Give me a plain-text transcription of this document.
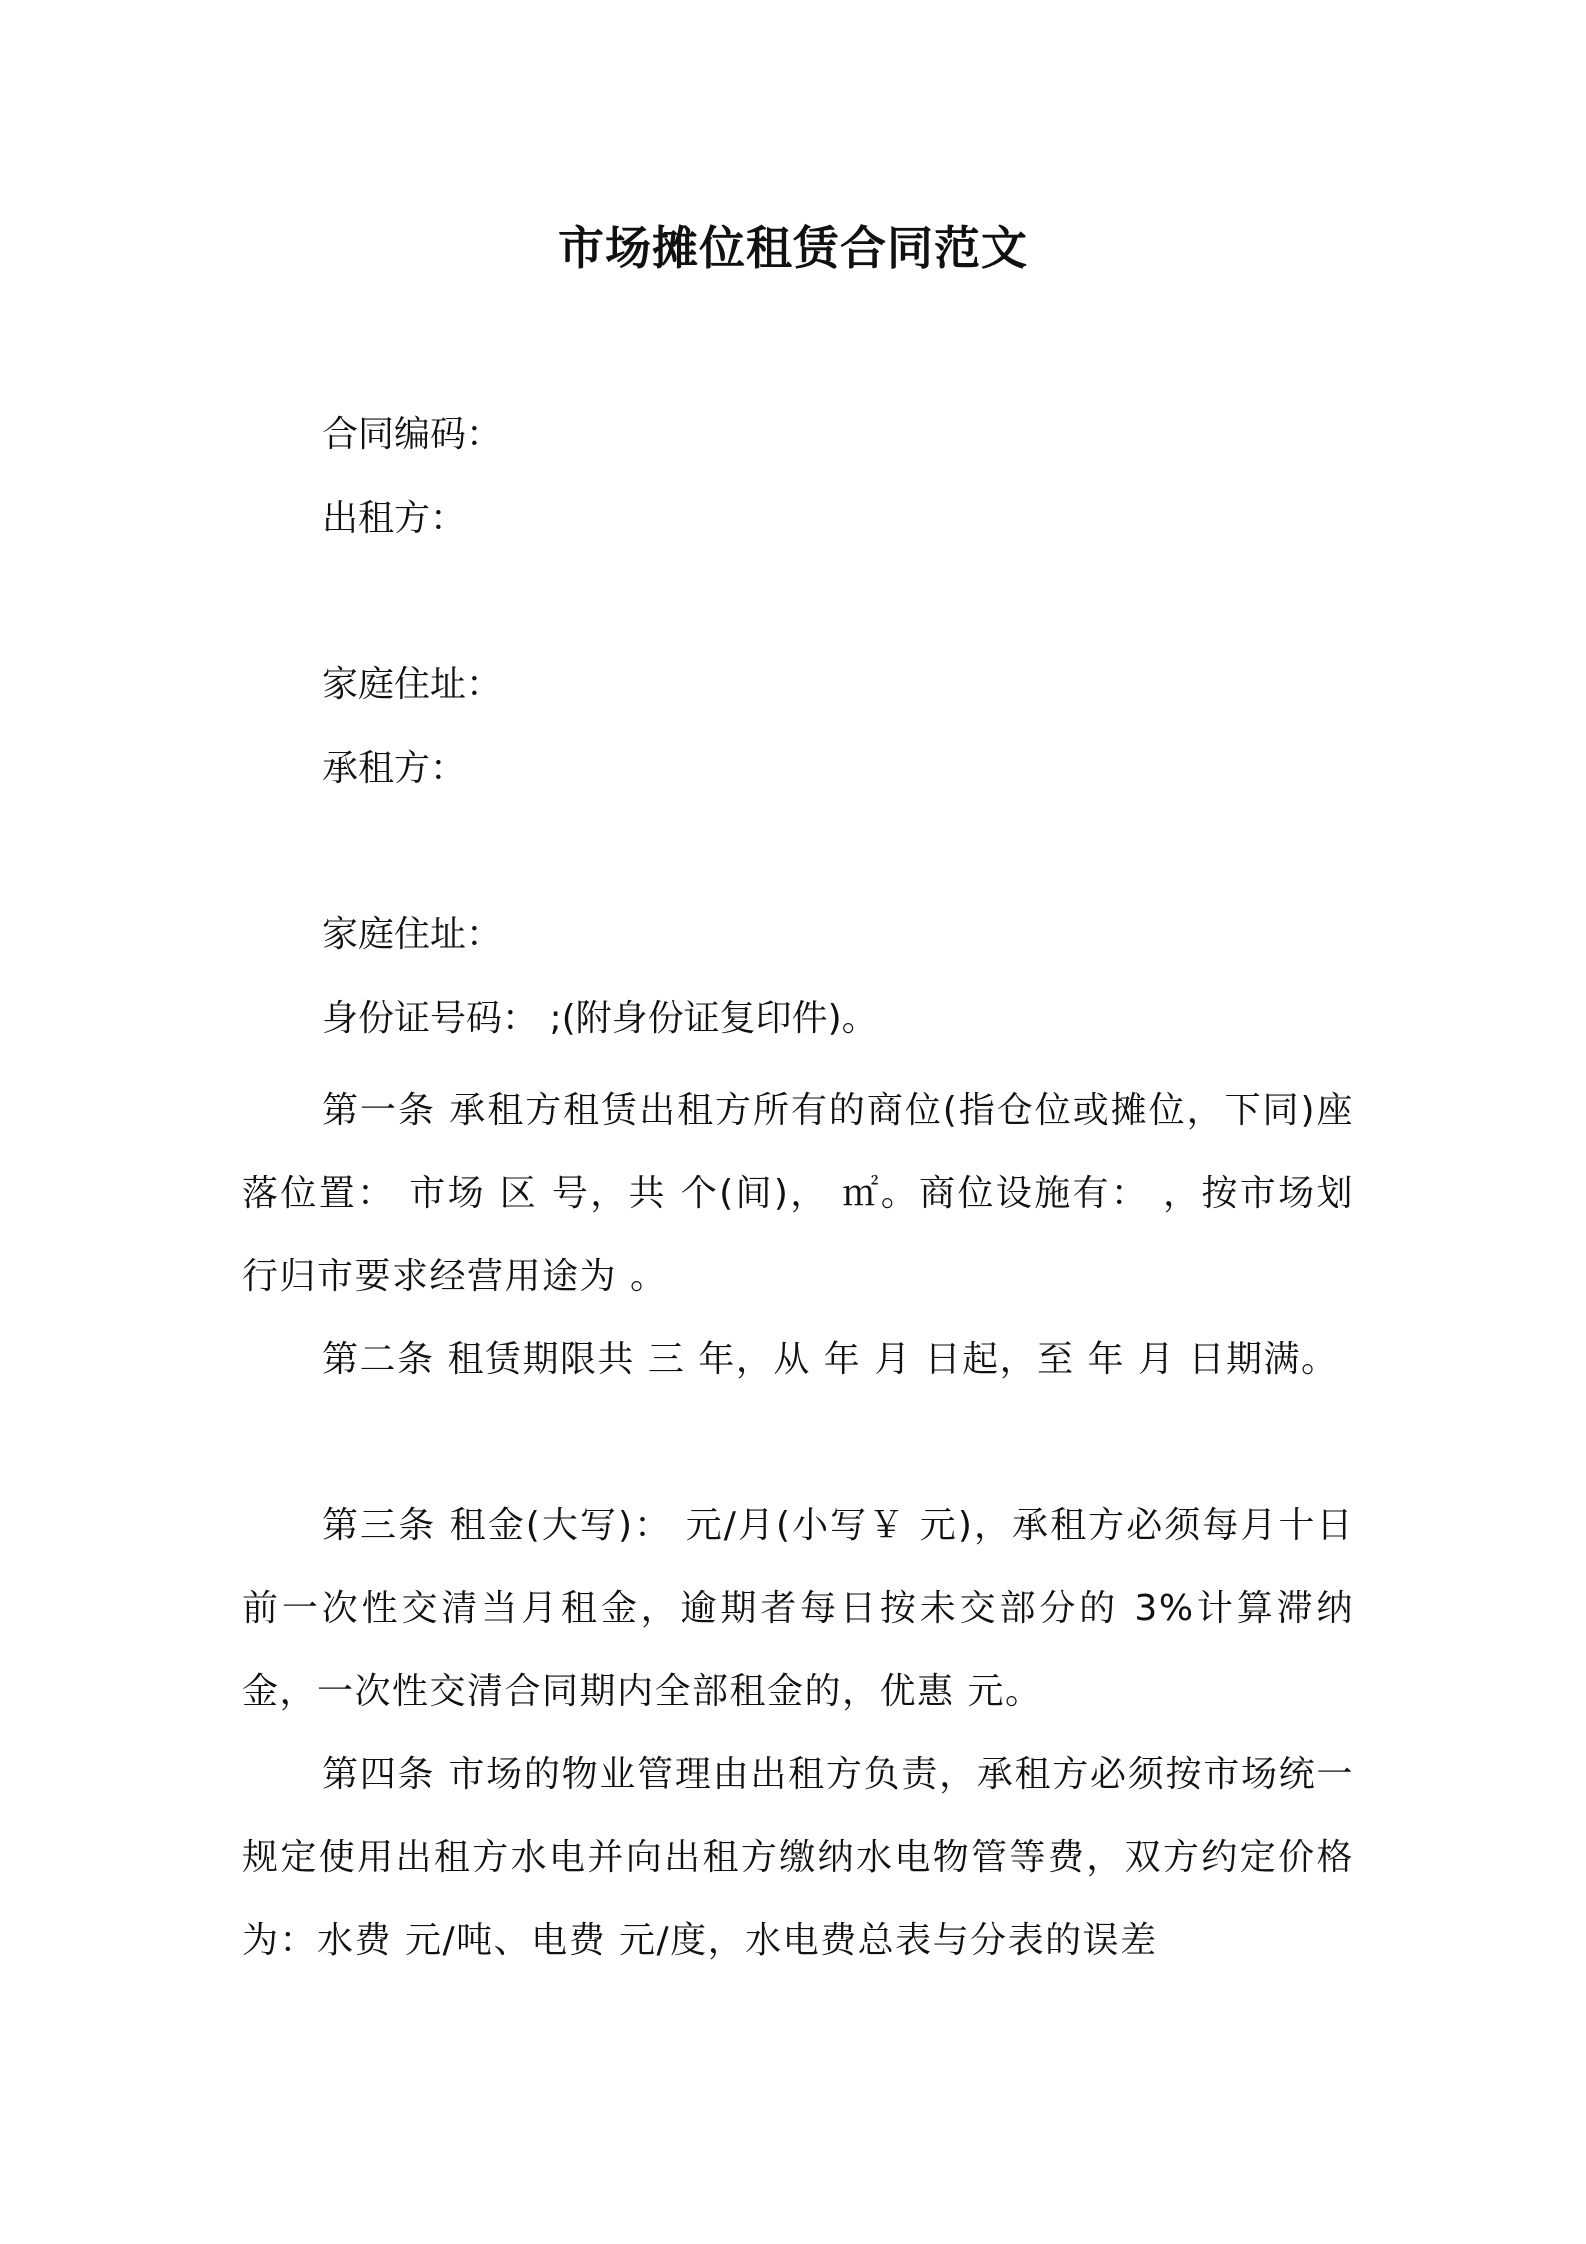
市场摊位租赁合同范文
合同编码：
出租方：
家庭住址：
承租方：
家庭住址：
身份证号码： ;(附身份证复印件)。
第一条 承租方租赁出租方所有的商位(指仓位或摊位，下同)座落位置： 市场 区 号，共 个(间)， ㎡。商位设施有： ，按市场划行归市要求经营用途为 。
第二条 租赁期限共 三 年，从 年 月 日起，至 年 月 日期满。
第三条 租金(大写)： 元/月(小写￥ 元)，承租方必须每月十日前一次性交清当月租金，逾期者每日按未交部分的 3%计算滞纳金，一次性交清合同期内全部租金的，优惠 元。
第四条 市场的物业管理由出租方负责，承租方必须按市场统一规定使用出租方水电并向出租方缴纳水电物管等费，双方约定价格为：水费 元/吨、电费 元/度，水电费总表与分表的误差
